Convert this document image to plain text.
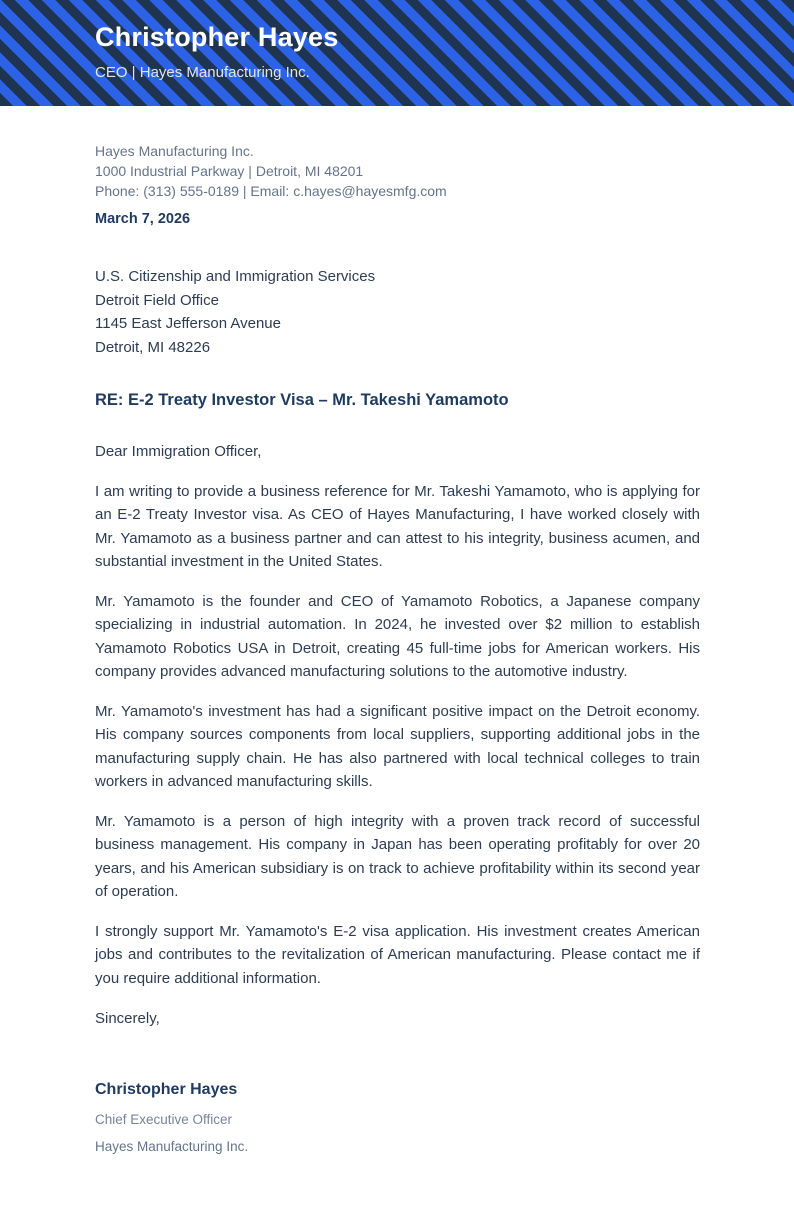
Christopher Hayes
CEO | Hayes Manufacturing Inc.
Hayes Manufacturing Inc.
1000 Industrial Parkway | Detroit, MI 48201
Phone: (313) 555-0189 | Email: c.hayes@hayesmfg.com
March 7, 2026
U.S. Citizenship and Immigration Services
Detroit Field Office
1145 East Jefferson Avenue
Detroit, MI 48226
RE: E-2 Treaty Investor Visa – Mr. Takeshi Yamamoto

Dear Immigration Officer,

I am writing to provide a business reference for Mr. Takeshi Yamamoto, who is applying for an E-2 Treaty Investor visa. As CEO of Hayes Manufacturing, I have worked closely with Mr. Yamamoto as a business partner and can attest to his integrity, business acumen, and substantial investment in the United States.

Mr. Yamamoto is the founder and CEO of Yamamoto Robotics, a Japanese company specializing in industrial automation. In 2024, he invested over $2 million to establish Yamamoto Robotics USA in Detroit, creating 45 full-time jobs for American workers. His company provides advanced manufacturing solutions to the automotive industry.

Mr. Yamamoto's investment has had a significant positive impact on the Detroit economy. His company sources components from local suppliers, supporting additional jobs in the manufacturing supply chain. He has also partnered with local technical colleges to train workers in advanced manufacturing skills.

Mr. Yamamoto is a person of high integrity with a proven track record of successful business management. His company in Japan has been operating profitably for over 20 years, and his American subsidiary is on track to achieve profitability within its second year of operation.

I strongly support Mr. Yamamoto's E-2 visa application. His investment creates American jobs and contributes to the revitalization of American manufacturing. Please contact me if you require additional information.

Sincerely,

Christopher Hayes
Chief Executive Officer
Hayes Manufacturing Inc.
